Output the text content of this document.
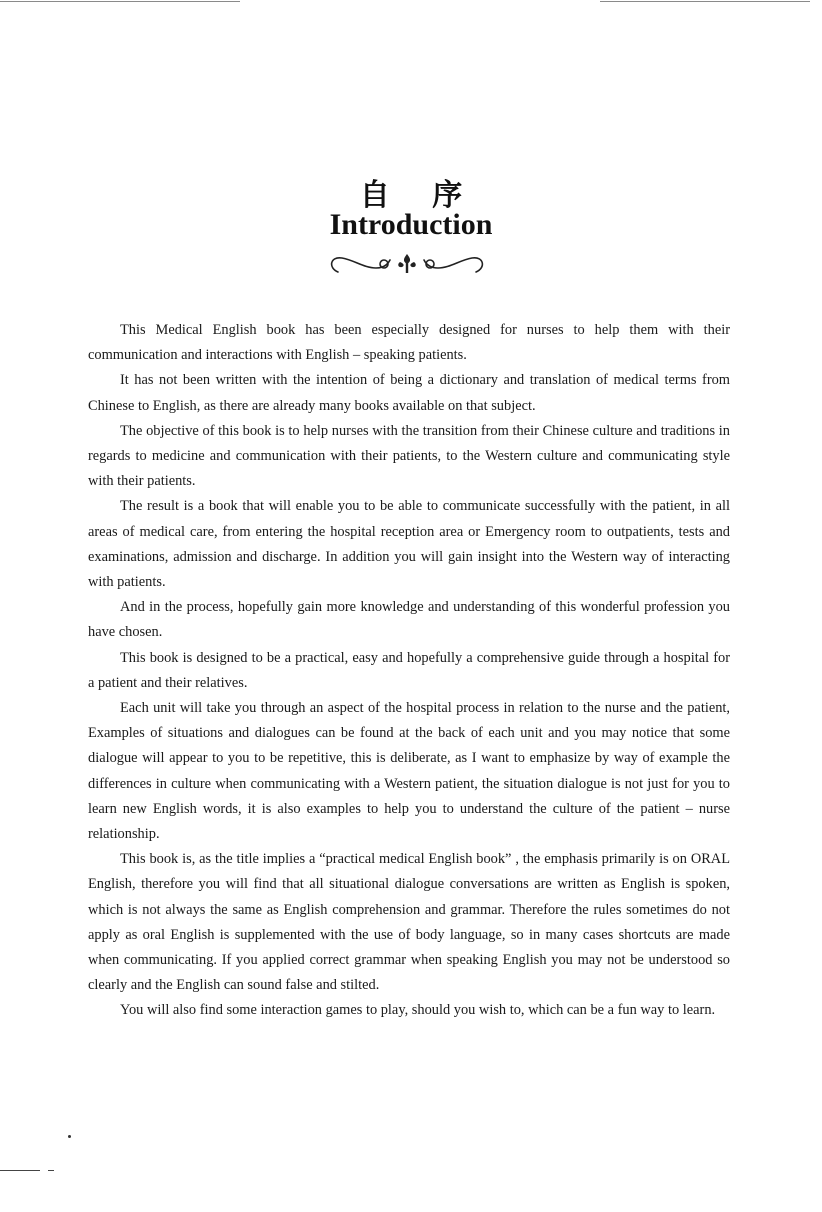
自 序
Introduction

This Medical English book has been especially designed for nurses to help them with their communication and interactions with English – speaking patients.

It has not been written with the intention of being a dictionary and translation of medical terms from Chinese to English, as there are already many books available on that subject.

The objective of this book is to help nurses with the transition from their Chinese culture and traditions in regards to medicine and communication with their patients, to the Western culture and communicating style with their patients.

The result is a book that will enable you to be able to communicate successfully with the patient, in all areas of medical care, from entering the hospital reception area or Emergency room to outpatients, tests and examinations, admission and discharge. In addition you will gain insight into the Western way of interacting with patients.

And in the process, hopefully gain more knowledge and understanding of this wonderful profession you have chosen.

This book is designed to be a practical, easy and hopefully a comprehensive guide through a hospital for a patient and their relatives.

Each unit will take you through an aspect of the hospital process in relation to the nurse and the patient, Examples of situations and dialogues can be found at the back of each unit and you may notice that some dialogue will appear to you to be repetitive, this is deliberate, as I want to emphasize by way of example the differences in culture when communicating with a Western patient, the situation dialogue is not just for you to learn new English words, it is also examples to help you to understand the culture of the patient – nurse relationship.

This book is, as the title implies a “practical medical English book” , the emphasis primarily is on ORAL English, therefore you will find that all situational dialogue conversations are written as English is spoken, which is not always the same as English comprehension and grammar. Therefore the rules sometimes do not apply as oral English is supplemented with the use of body language, so in many cases shortcuts are made when communicating. If you applied correct grammar when speaking English you may not be understood so clearly and the English can sound false and stilted.

You will also find some interaction games to play, should you wish to, which can be a fun way to learn.
